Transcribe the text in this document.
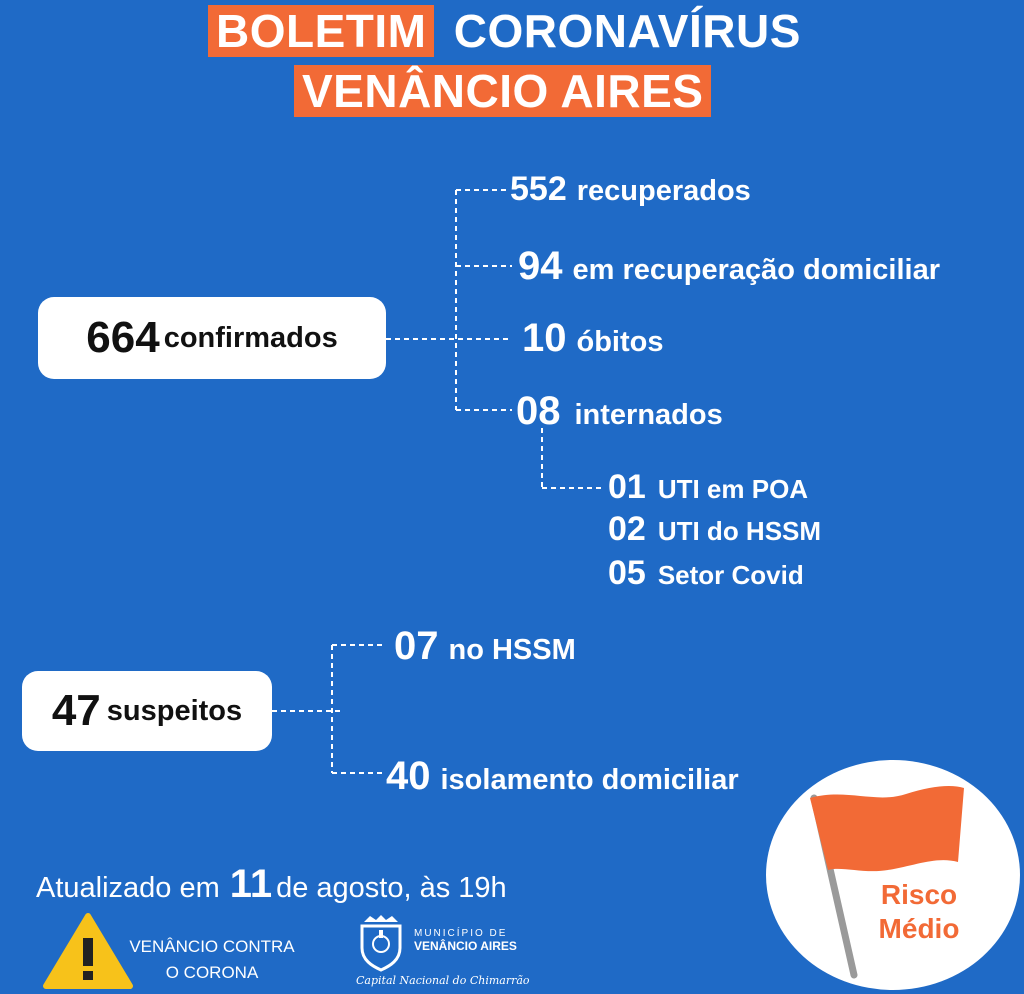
BOLETIM CORONAVÍRUS
VENÂNCIO AIRES
664 confirmados
552 recuperados
94 em recuperação domiciliar
10 óbitos
08 internados
01 UTI em POA
02 UTI do HSSM
05 Setor Covid
47 suspeitos
07 no HSSM
40 isolamento domiciliar
Atualizado em 11 de agosto, às 19h
VENÂNCIO CONTRA
O CORONA
MUNICÍPIO DE
VENÂNCIO AIRES
Capital Nacional do Chimarrão
Risco
Médio
